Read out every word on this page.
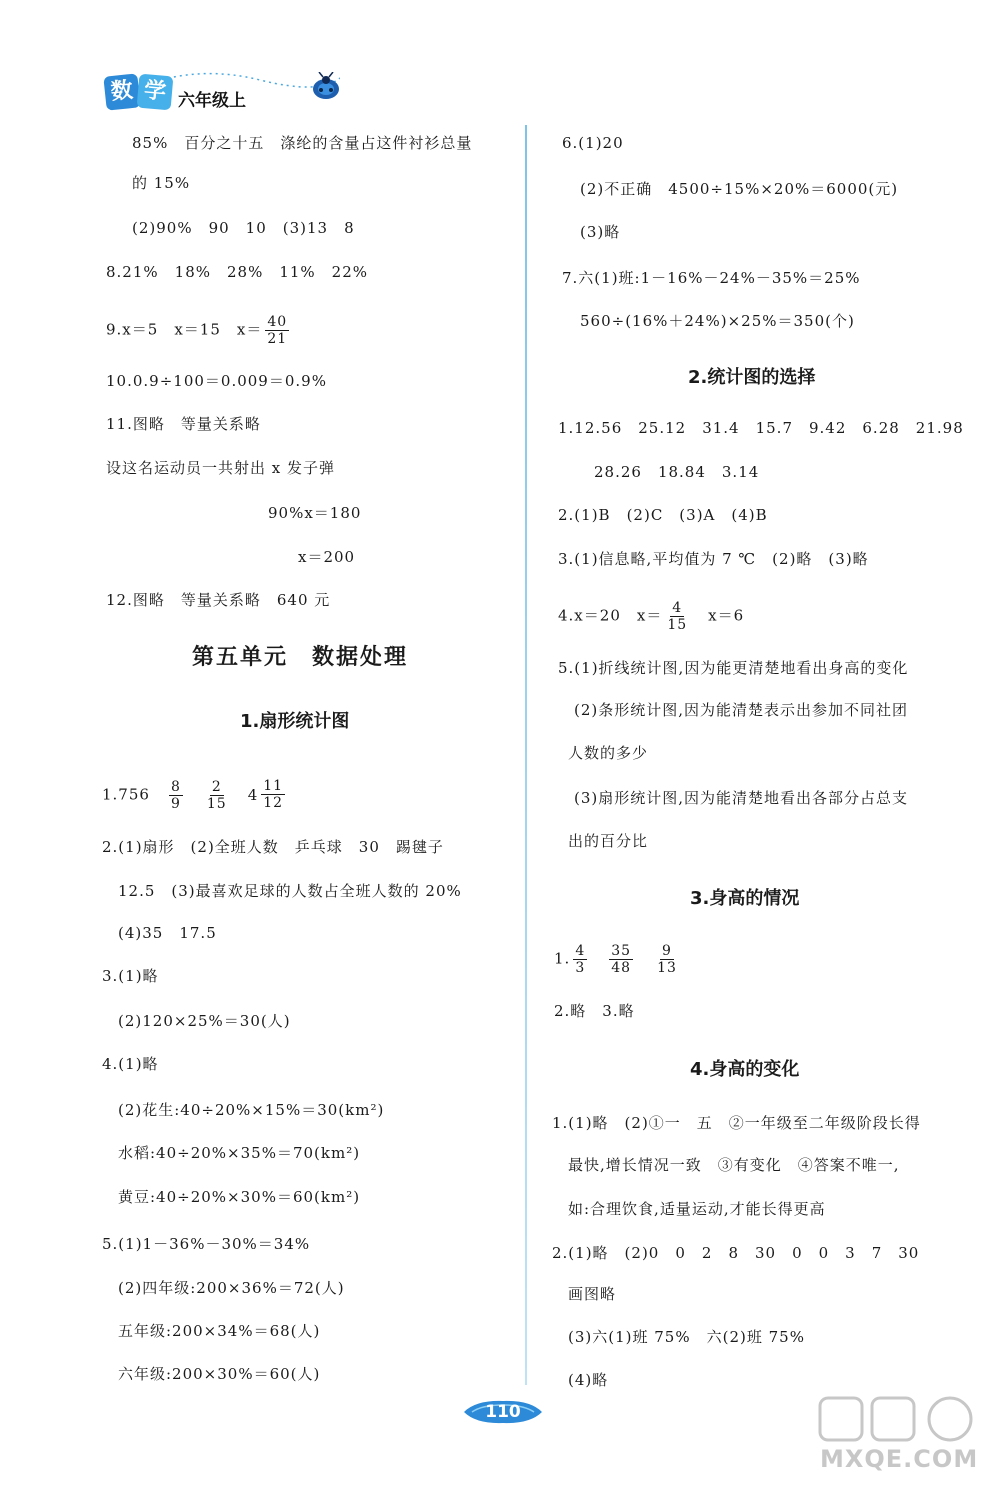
数 学 六年级上
85%　百分之十五　涤纶的含量占这件衬衫总量
的 15%
(2)90%　90　10　(3)13　8
8.21%　18%　28%　11%　22%
9.x＝5　x＝15　$x= \frac{40}{21}$
10.0.9÷100＝0.009＝0.9%
11.图略　等量关系略
设这名运动员一共射出 x 发子弹
90%x＝180
x＝200
12.图略　等量关系略　640 元
第五单元　数据处理
1.扇形统计图
$1.756 \frac{8}{9} \frac{2}{15} 4 \frac{11}{12}$
2.(1)扇形　(2)全班人数　乒乓球　30　踢毽子
12.5　(3)最喜欢足球的人数占全班人数的 20%
(4)35　17.5
3.(1)略
(2)120×25%＝30(人)
4.(1)略
(2)花生:40÷20%×15%＝30(km²)
水稻:40÷20%×35%＝70(km²)
黄豆:40÷20%×30%＝60(km²)
5.(1)1－36%－30%＝34%
(2)四年级:200×36%＝72(人)
五年级:200×34%＝68(人)
六年级:200×30%＝60(人)
6.(1)20
(2)不正确　4500÷15%×20%＝6000(元)
(3)略
7.六(1)班:1－16%－24%－35%＝25%
560÷(16%＋24%)×25%＝350(个)
2.统计图的选择
1.12.56　25.12　31.4　15.7　9.42　6.28　21.98
28.26　18.84　3.14
2.(1)B　(2)C　(3)A　(4)B
3.(1)信息略,平均值为 7 ℃　(2)略　(3)略
4.x＝20　$x= \frac{4}{15} x=6$
5.(1)折线统计图,因为能更清楚地看出身高的变化
(2)条形统计图,因为能清楚表示出参加不同社团
人数的多少
(3)扇形统计图,因为能清楚地看出各部分占总支
出的百分比
3.身高的情况
1. $\frac{4}{3} \frac{35}{48} \frac{9}{13}$
2.略　3.略
4.身高的变化
1.(1)略　(2)①一　五　②一年级至二年级阶段长得
最快,增长情况一致　③有变化　④答案不唯一,
如:合理饮食,适量运动,才能长得更高
2.(1)略　(2)0　0　2　8　30　0　0　3　7　30
画图略
(3)六(1)班 75%　六(2)班 75%
(4)略
110
MXQE.COM
